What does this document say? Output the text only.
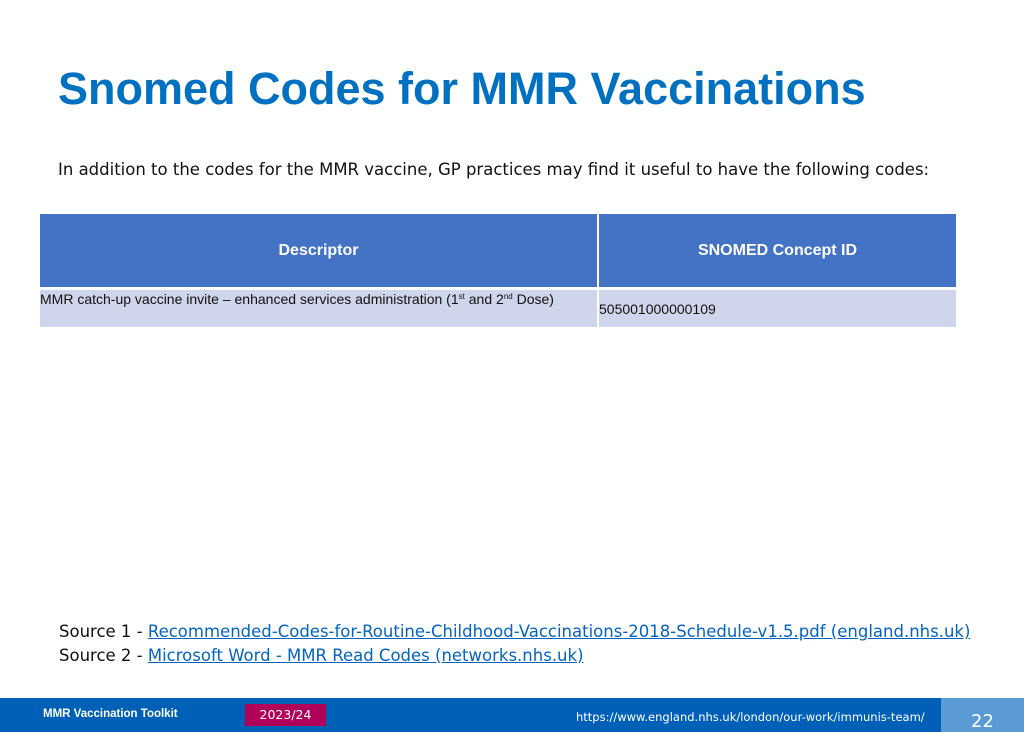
Snomed Codes for MMR Vaccinations

In addition to the codes for the MMR vaccine, GP practices may find it useful to have the following codes:

Descriptor	SNOMED Concept ID
MMR catch-up vaccine invite – enhanced services administration (1st and 2nd Dose)	505001000000109
Source 1 - Recommended-Codes-for-Routine-Childhood-Vaccinations-2018-Schedule-v1.5.pdf (england.nhs.uk)
Source 2 - Microsoft Word - MMR Read Codes (networks.nhs.uk)
MMR Vaccination Toolkit	2023/24	https://www.england.nhs.uk/london/our-work/immunis-team/	22
